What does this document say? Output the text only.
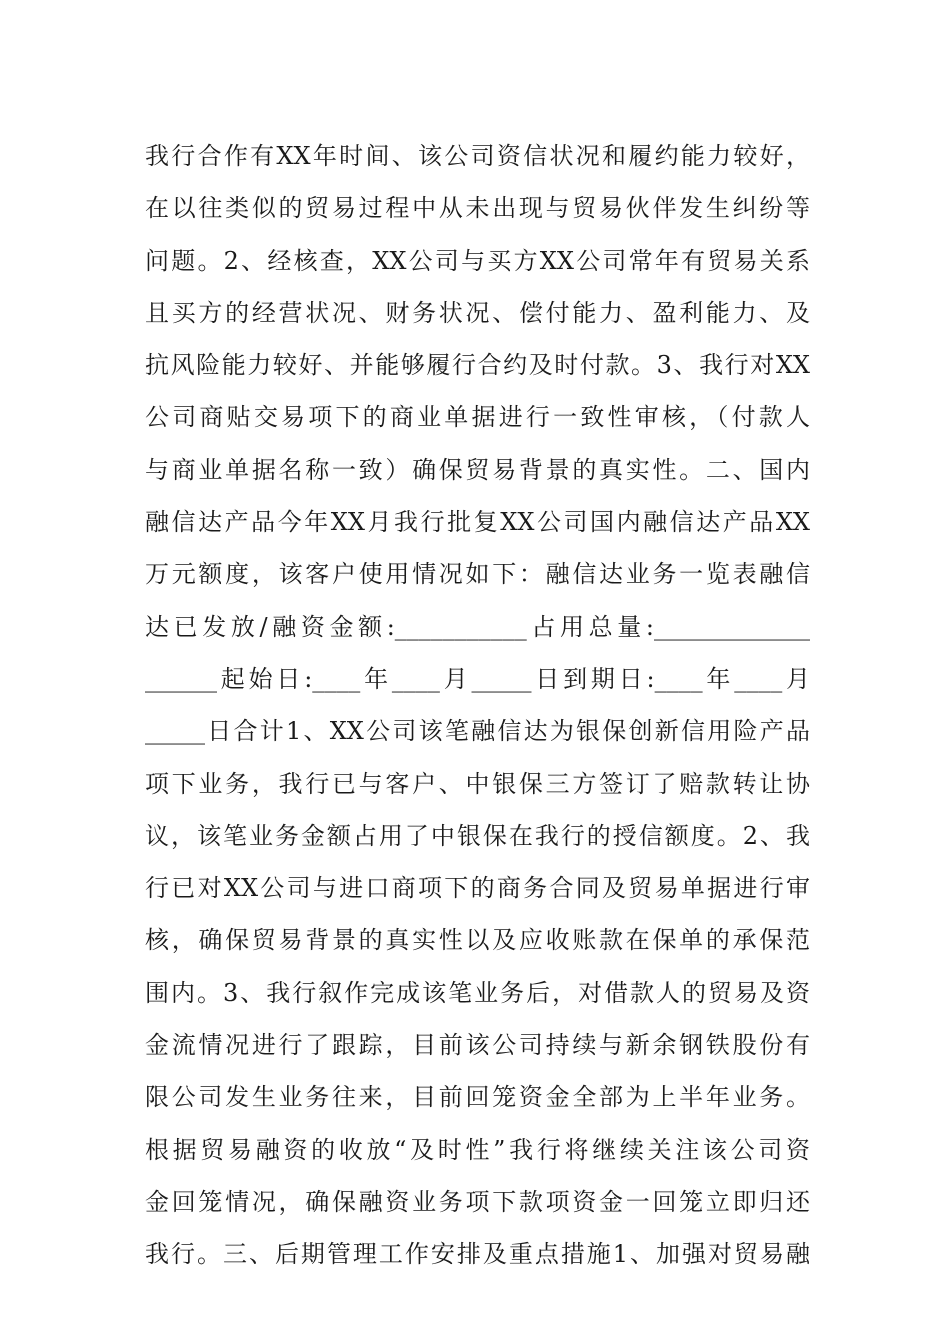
我行合作有XX年时间、该公司资信状况和履约能力较好，
在以往类似的贸易过程中从未出现与贸易伙伴发生纠纷等
问题。2、经核查，XX公司与买方XX公司常年有贸易关系
且买方的经营状况、财务状况、偿付能力、盈利能力、及
抗风险能力较好、并能够履行合约及时付款。3、我行对XX
公司商贴交易项下的商业单据进行一致性审核，（付款人
与商业单据名称一致）确保贸易背景的真实性。二、国内
融信达产品今年XX月我行批复XX公司国内融信达产品XX
万元额度，该客户使用情况如下：融信达业务一览表融信
达已发放/融资金额:___________占用总量:_____________
______起始日:____年____月_____日到期日:____年____月
_____日合计1、XX公司该笔融信达为银保创新信用险产品
项下业务，我行已与客户、中银保三方签订了赔款转让协
议，该笔业务金额占用了中银保在我行的授信额度。2、我
行已对XX公司与进口商项下的商务合同及贸易单据进行审
核，确保贸易背景的真实性以及应收账款在保单的承保范
围内。3、我行叙作完成该笔业务后，对借款人的贸易及资
金流情况进行了跟踪，目前该公司持续与新余钢铁股份有
限公司发生业务往来，目前回笼资金全部为上半年业务。
根据贸易融资的收放“及时性”我行将继续关注该公司资
金回笼情况，确保融资业务项下款项资金一回笼立即归还
我行。三、后期管理工作安排及重点措施1、加强对贸易融
